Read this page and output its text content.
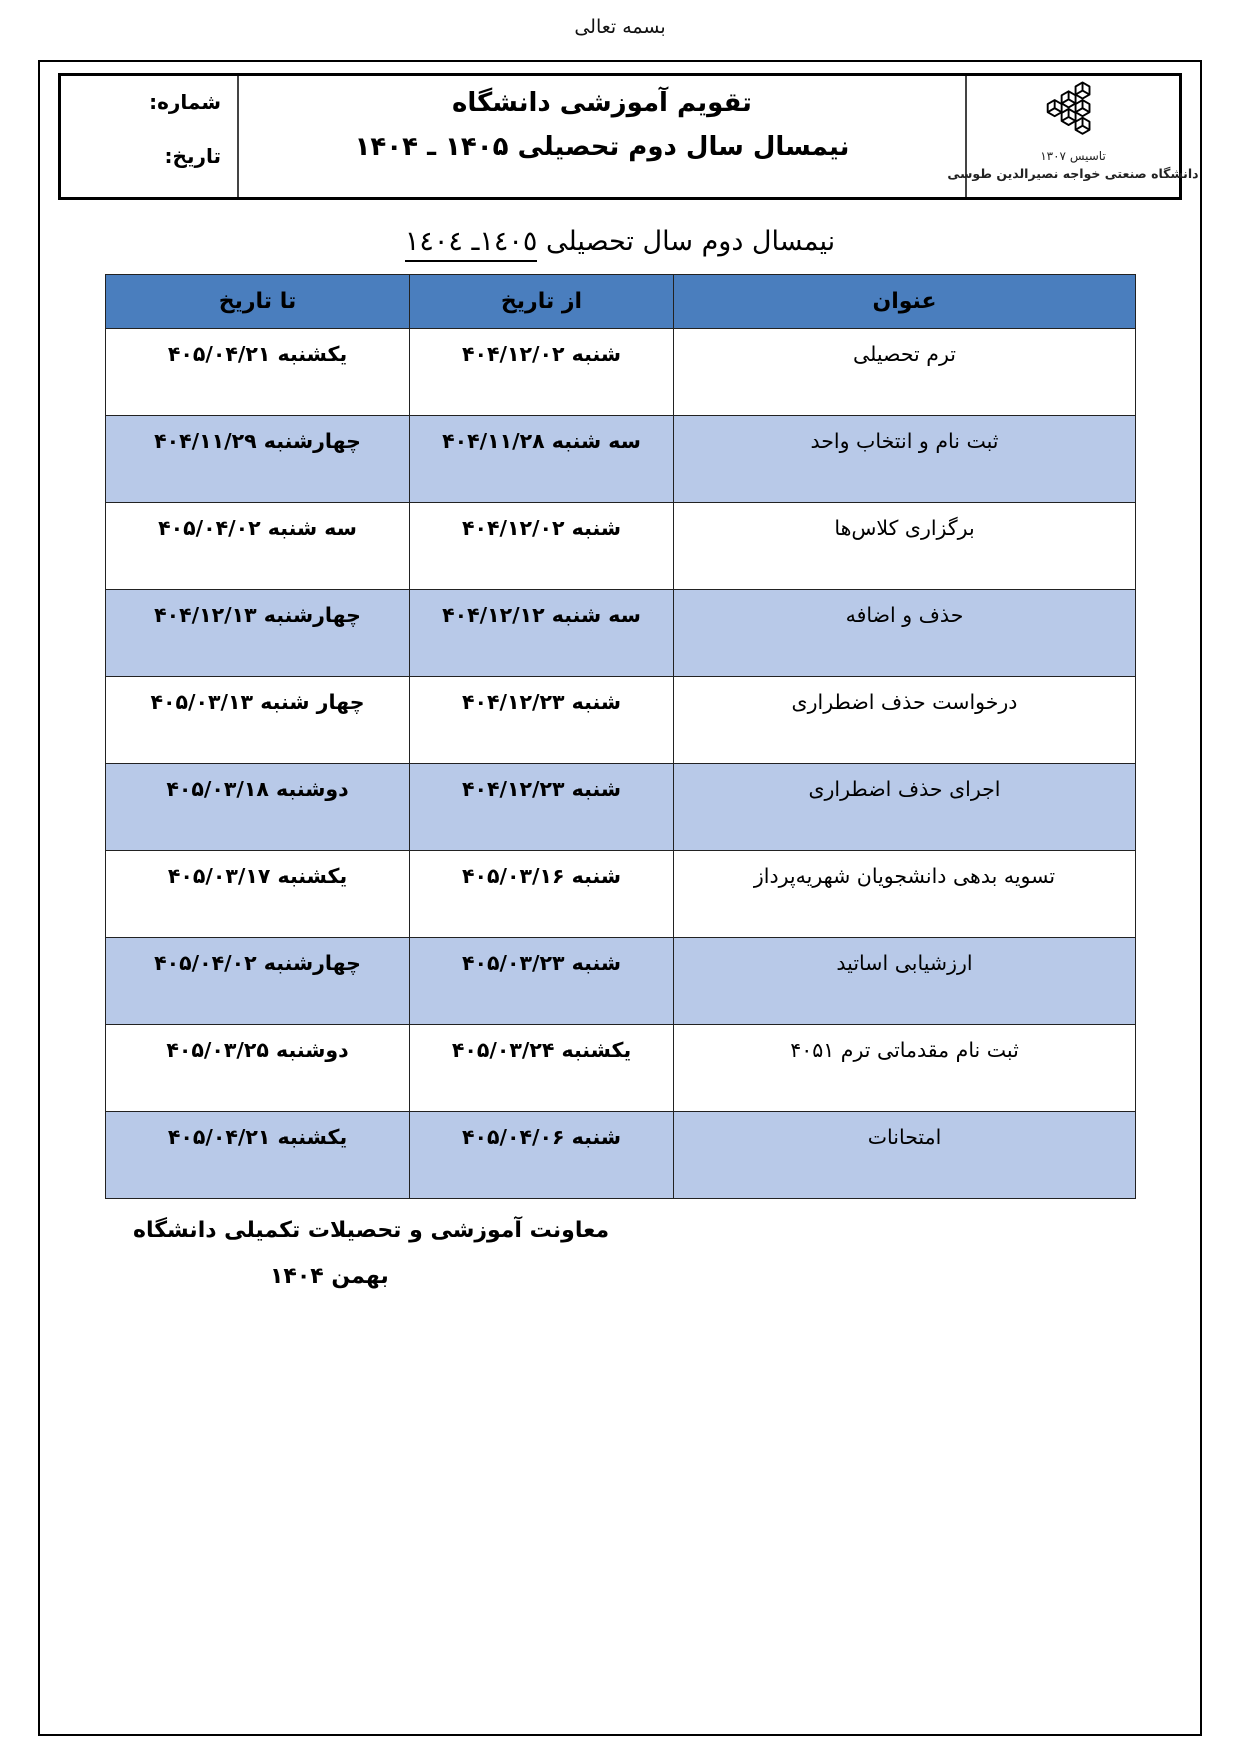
بسمه تعالی
تاسیس ۱۳۰۷
دانشگاه صنعتی خواجه نصیرالدین طوسی
تقویم آموزشی دانشگاه
نیمسال سال دوم تحصیلی ۱۴۰۵ ـ ۱۴۰۴
شماره:
تاریخ:
نیمسال دوم سال تحصیلی ١٤٠٥ـ ١٤٠٤
عنوان	از تاریخ	تا تاریخ
ترم تحصیلی	شنبه ۴۰۴/۱۲/۰۲	یکشنبه ۴۰۵/۰۴/۲۱
ثبت نام و انتخاب واحد	سه شنبه ۴۰۴/۱۱/۲۸	چهارشنبه ۴۰۴/۱۱/۲۹
برگزاری کلاس‌ها	شنبه ۴۰۴/۱۲/۰۲	سه شنبه ۴۰۵/۰۴/۰۲
حذف و اضافه	سه شنبه ۴۰۴/۱۲/۱۲	چهارشنبه ۴۰۴/۱۲/۱۳
درخواست حذف اضطراری	شنبه ۴۰۴/۱۲/۲۳	چهار شنبه ۴۰۵/۰۳/۱۳
اجرای حذف اضطراری	شنبه ۴۰۴/۱۲/۲۳	دوشنبه ۴۰۵/۰۳/۱۸
تسویه بدهی دانشجویان شهریه‌پرداز	شنبه ۴۰۵/۰۳/۱۶	یکشنبه ۴۰۵/۰۳/۱۷
ارزشیابی اساتید	شنبه ۴۰۵/۰۳/۲۳	چهارشنبه ۴۰۵/۰۴/۰۲
ثبت نام مقدماتی ترم ۴۰۵۱	یکشنبه ۴۰۵/۰۳/۲۴	دوشنبه ۴۰۵/۰۳/۲۵
امتحانات	شنبه ۴۰۵/۰۴/۰۶	یکشنبه ۴۰۵/۰۴/۲۱
معاونت آموزشی و تحصیلات تکمیلی دانشگاه
بهمن ۱۴۰۴
